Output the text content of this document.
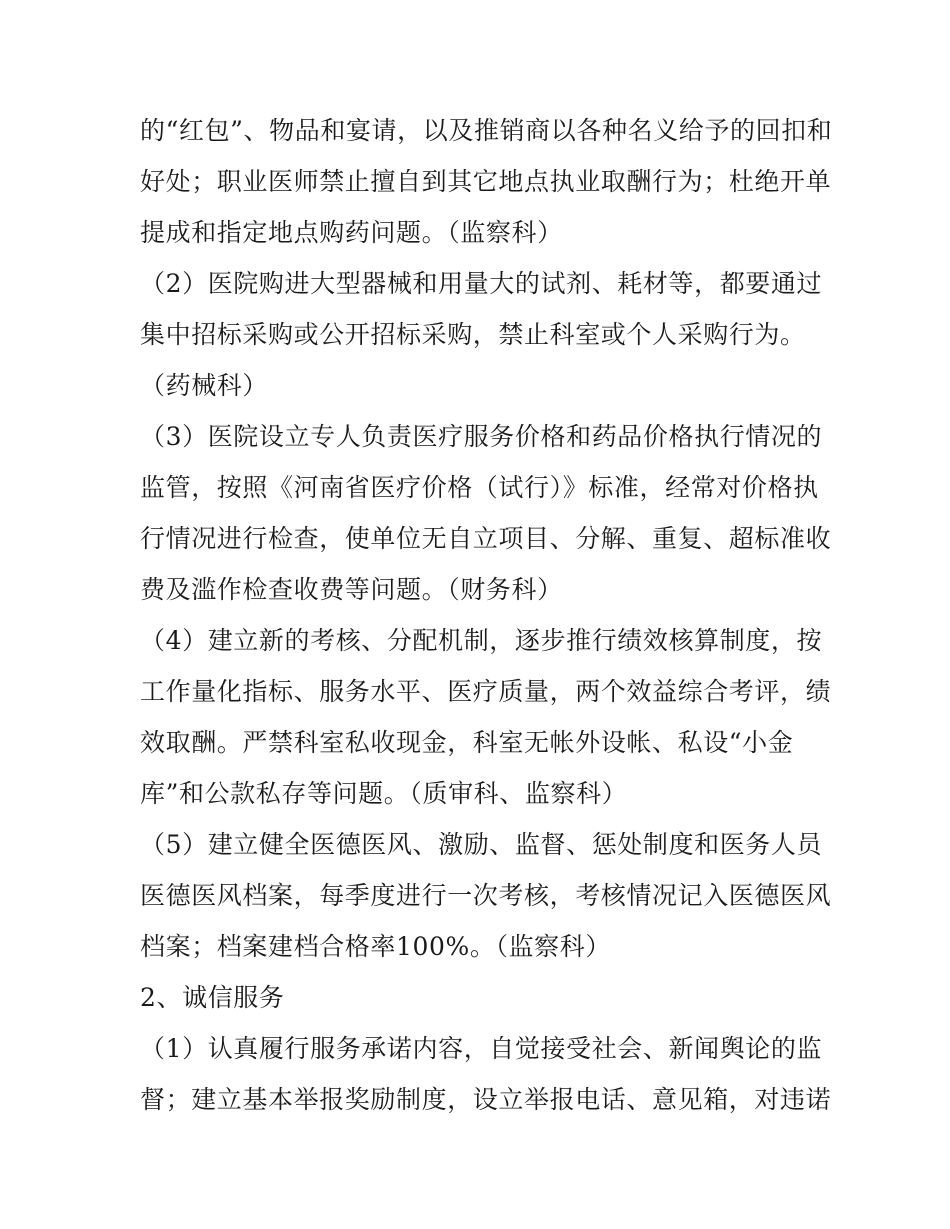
的“红包”、物品和宴请，以及推销商以各种名义给予的回扣和
好处；职业医师禁止擅自到其它地点执业取酬行为；杜绝开单
提成和指定地点购药问题。（监察科）
（2）医院购进大型器械和用量大的试剂、耗材等，都要通过
集中招标采购或公开招标采购，禁止科室或个人采购行为。
（药械科）
（3）医院设立专人负责医疗服务价格和药品价格执行情况的
监管，按照《河南省医疗价格（试行）》标准，经常对价格执
行情况进行检查，使单位无自立项目、分解、重复、超标准收
费及滥作检查收费等问题。（财务科）
（4）建立新的考核、分配机制，逐步推行绩效核算制度，按
工作量化指标、服务水平、医疗质量，两个效益综合考评，绩
效取酬。严禁科室私收现金，科室无帐外设帐、私设“小金
库”和公款私存等问题。（质审科、监察科）
（5）建立健全医德医风、激励、监督、惩处制度和医务人员
医德医风档案，每季度进行一次考核，考核情况记入医德医风
档案；档案建档合格率100%。（监察科）
2、诚信服务
（1）认真履行服务承诺内容，自觉接受社会、新闻舆论的监
督；建立基本举报奖励制度，设立举报电话、意见箱，对违诺
